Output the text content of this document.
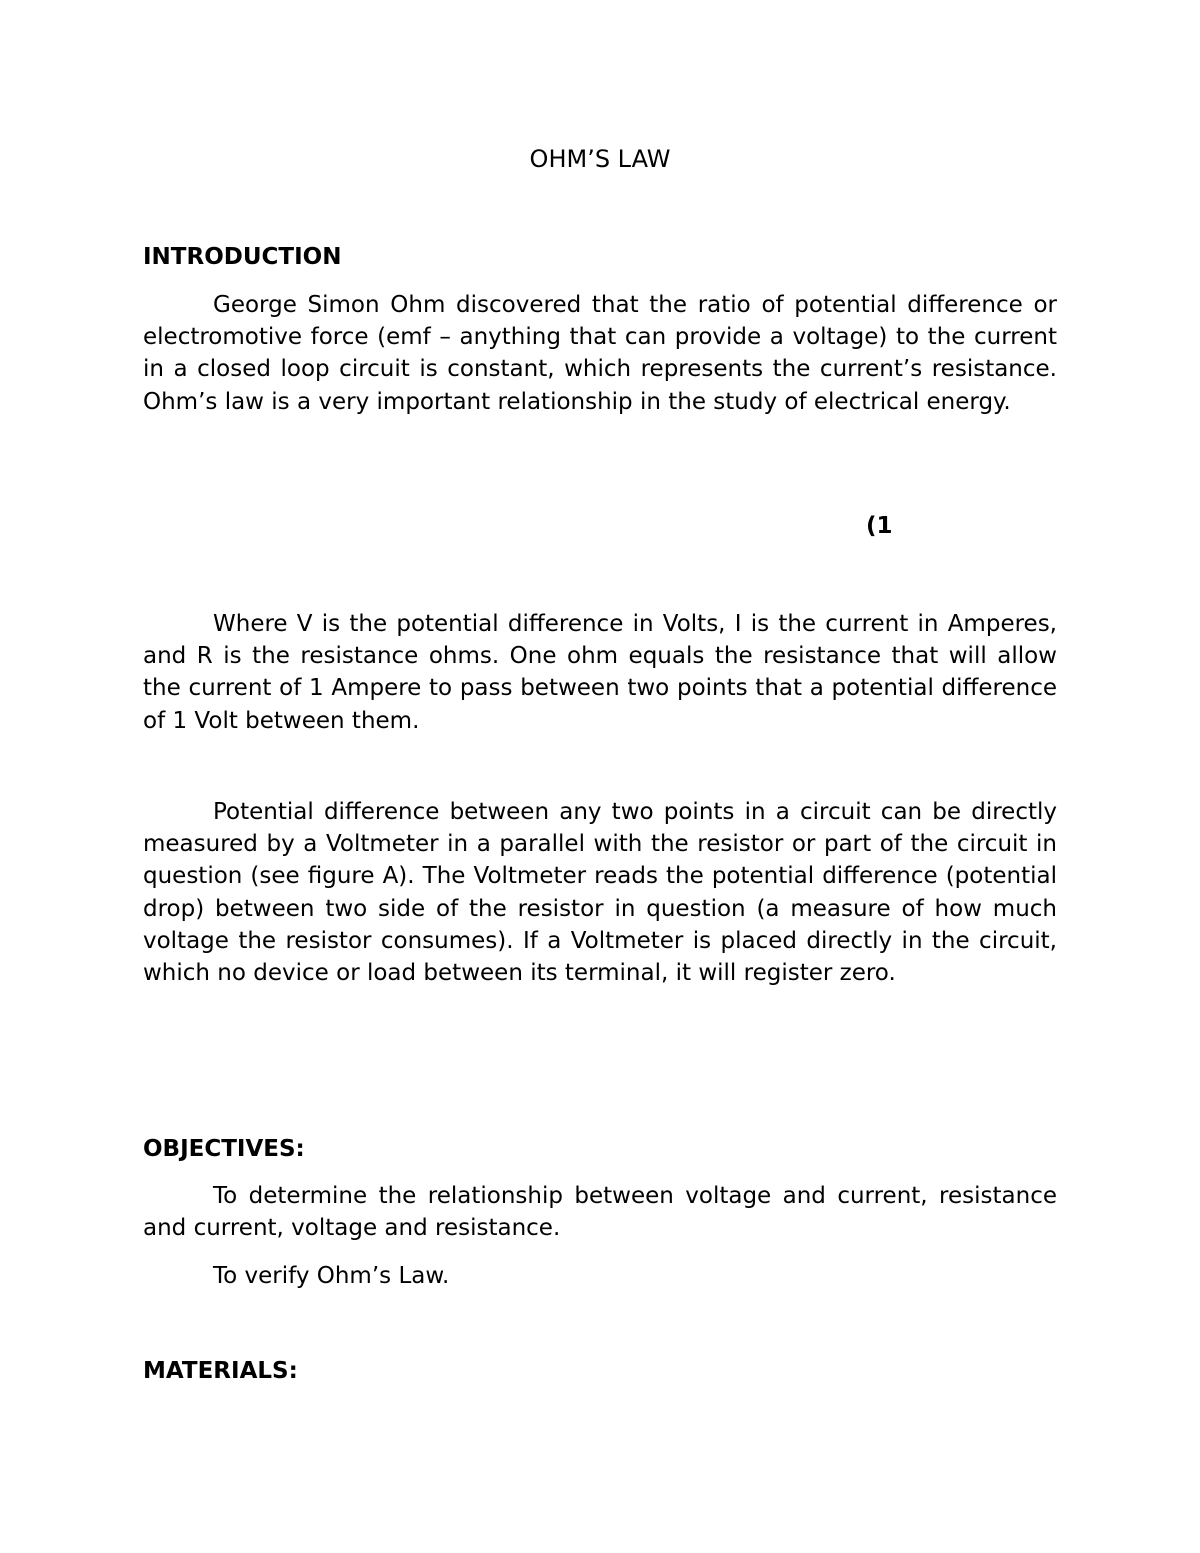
OHM’S LAW
INTRODUCTION

George Simon Ohm discovered that the ratio of potential difference or electromotive force (emf – anything that can provide a voltage) to the current in a closed loop circuit is constant, which represents the current’s resistance. Ohm’s law is a very important relationship in the study of electrical energy.

(1

Where V is the potential difference in Volts, I is the current in Amperes, and R is the resistance ohms. One ohm equals the resistance that will allow the current of 1 Ampere to pass between two points that a potential difference of 1 Volt between them.

Potential difference between any two points in a circuit can be directly measured by a Voltmeter in a parallel with the resistor or part of the circuit in question (see figure A). The Voltmeter reads the potential difference (potential drop) between two side of the resistor in question (a measure of how much voltage the resistor consumes). If a Voltmeter is placed directly in the circuit, which no device or load between its terminal, it will register zero.

OBJECTIVES:

To determine the relationship between voltage and current, resistance and current, voltage and resistance.

To verify Ohm’s Law.

MATERIALS:
